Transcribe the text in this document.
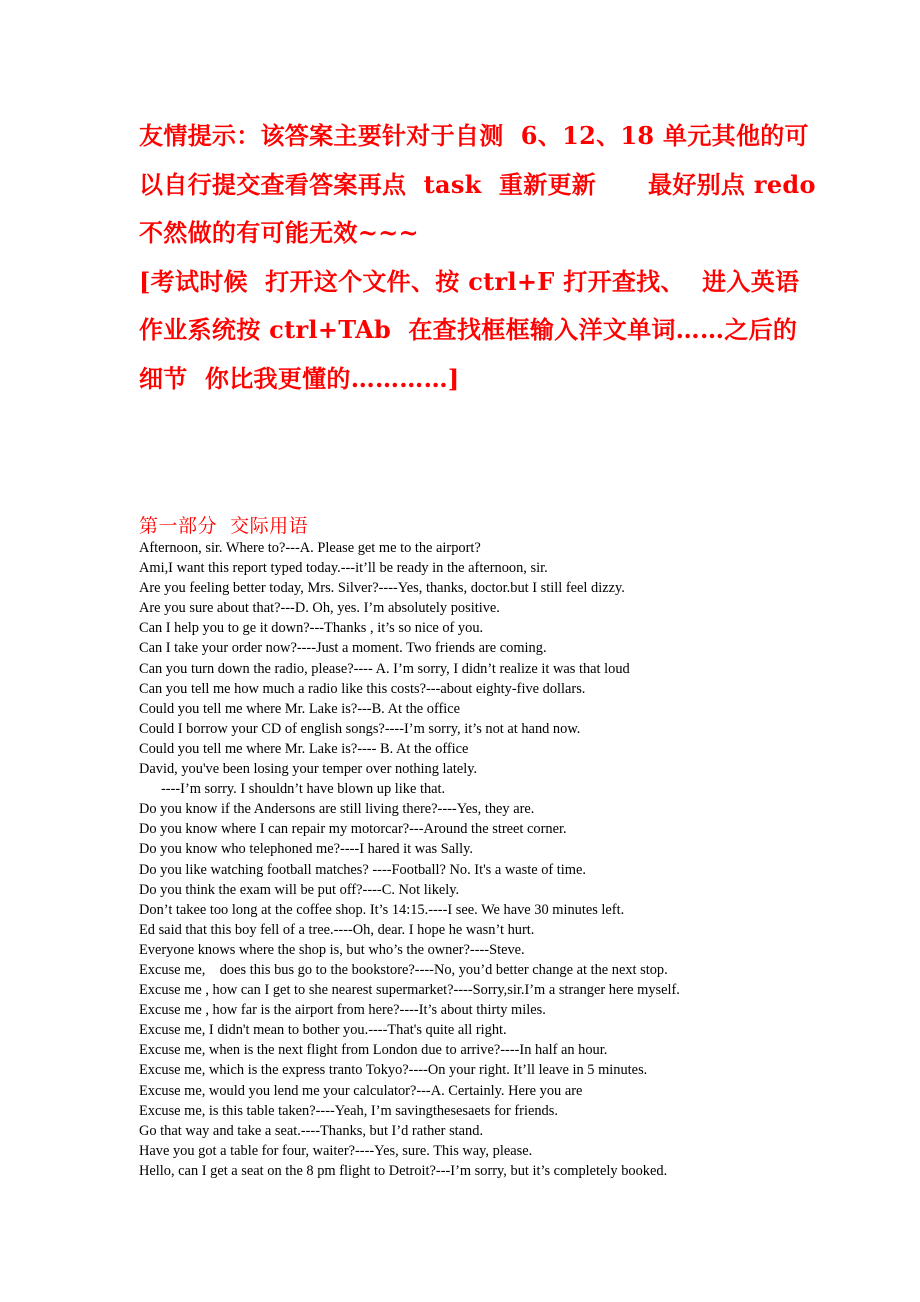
友情提示：该答案主要针对于自测  6、12、18 单元其他的可
以自行提交查看答案再点  task  重新更新      最好别点 redo
不然做的有可能无效~~~
[考试时候  打开这个文件、按 ctrl+F 打开查找、  进入英语
作业系统按 ctrl+TAb  在查找框框输入洋文单词……之后的
细节  你比我更懂的…………]
第一部分  交际用语
Afternoon, sir. Where to?---A. Please get me to the airport?
Ami,I want this report typed today.---it’ll be ready in the afternoon, sir.
Are you feeling better today, Mrs. Silver?----Yes, thanks, doctor.but I still feel dizzy.
Are you sure about that?---D. Oh, yes. I’m absolutely positive.
Can I help you to ge it down?---Thanks , it’s so nice of you.
Can I take your order now?----Just a moment. Two friends are coming.
Can you turn down the radio, please?---- A. I’m sorry, I didn’t realize it was that loud
Can you tell me how much a radio like this costs?---about eighty-five dollars.
Could you tell me where Mr. Lake is?---B. At the office
Could I borrow your CD of english songs?----I’m sorry, it’s not at hand now.
Could you tell me where Mr. Lake is?---- B. At the office
David, you've been losing your temper over nothing lately.
----I’m sorry. I shouldn’t have blown up like that.
Do you know if the Andersons are still living there?----Yes, they are.
Do you know where I can repair my motorcar?---Around the street corner.
Do you know who telephoned me?----I hared it was Sally.
Do you like watching football matches? ----Football? No. It's a waste of time.
Do you think the exam will be put off?----C. Not likely.
Don’t takee too long at the coffee shop. It’s 14:15.----I see. We have 30 minutes left.
Ed said that this boy fell of a tree.----Oh, dear. I hope he wasn’t hurt.
Everyone knows where the shop is, but who’s the owner?----Steve.
Excuse me,    does this bus go to the bookstore?----No, you’d better change at the next stop.
Excuse me , how can I get to she nearest supermarket?----Sorry,sir.I’m a stranger here myself.
Excuse me , how far is the airport from here?----It’s about thirty miles.
Excuse me, I didn't mean to bother you.----That's quite all right.
Excuse me, when is the next flight from London due to arrive?----In half an hour.
Excuse me, which is the express tranto Tokyo?----On your right. It’ll leave in 5 minutes.
Excuse me, would you lend me your calculator?---A. Certainly. Here you are
Excuse me, is this table taken?----Yeah, I’m savingthesesaets for friends.
Go that way and take a seat.----Thanks, but I’d rather stand.
Have you got a table for four, waiter?----Yes, sure. This way, please.
Hello, can I get a seat on the 8 pm flight to Detroit?---I’m sorry, but it’s completely booked.
